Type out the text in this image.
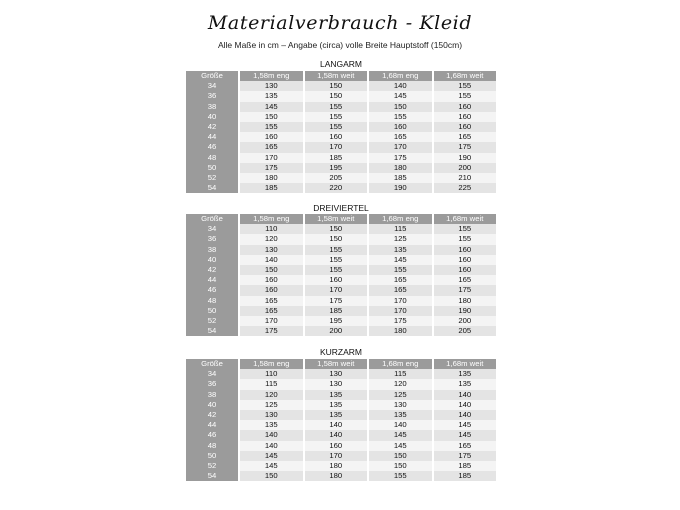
Materialverbrauch - Kleid
Alle Maße in cm – Angabe (circa) volle Breite Hauptstoff (150cm)
LANGARM
Größe	1,58m eng	1,58m weit	1,68m eng	1,68m weit
34	130	150	140	155
36	135	150	145	155
38	145	155	150	160
40	150	155	155	160
42	155	155	160	160
44	160	160	165	165
46	165	170	170	175
48	170	185	175	190
50	175	195	180	200
52	180	205	185	210
54	185	220	190	225
DREIVIERTEL
Größe	1,58m eng	1,58m weit	1,68m eng	1,68m weit
34	110	150	115	155
36	120	150	125	155
38	130	155	135	160
40	140	155	145	160
42	150	155	155	160
44	160	160	165	165
46	160	170	165	175
48	165	175	170	180
50	165	185	170	190
52	170	195	175	200
54	175	200	180	205
KURZARM
Größe	1,58m eng	1,58m weit	1,68m eng	1,68m weit
34	110	130	115	135
36	115	130	120	135
38	120	135	125	140
40	125	135	130	140
42	130	135	135	140
44	135	140	140	145
46	140	140	145	145
48	140	160	145	165
50	145	170	150	175
52	145	180	150	185
54	150	180	155	185
